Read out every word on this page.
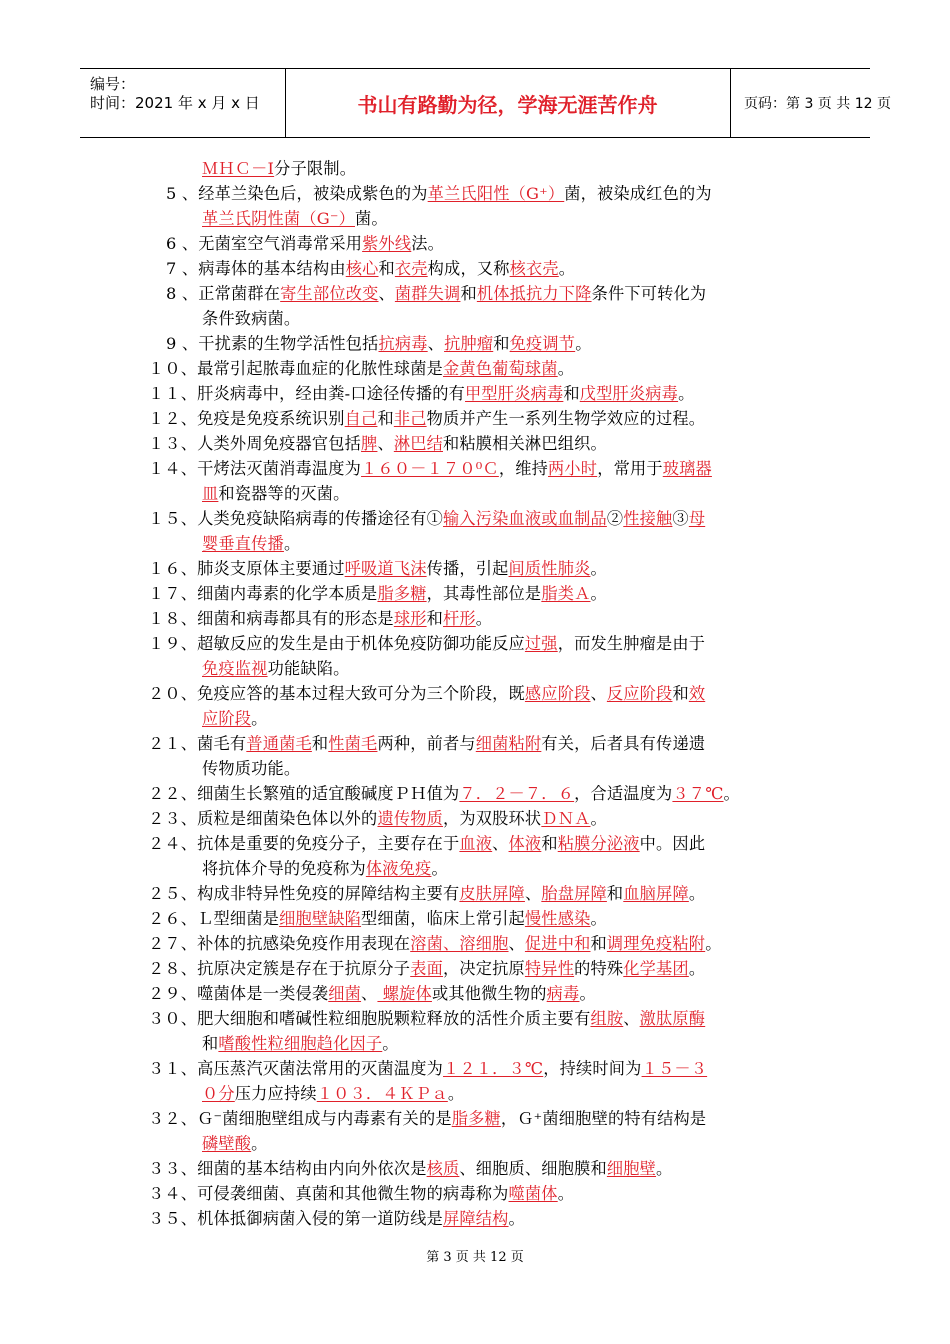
编号：
时间：2021 年 x 月 x 日	书山有路勤为径，学海无涯苦作舟	页码：第 3 页 共 12 页
ＭＨＣ－Ⅰ分子限制。
5 、经革兰染色后，被染成紫色的为革兰氏阳性（G⁺）菌，被染成红色的为
革兰氏阴性菌（G⁻）菌。
6 、无菌室空气消毒常采用紫外线法。
7 、病毒体的基本结构由核心和衣壳构成，又称核衣壳。
8 、正常菌群在寄生部位改变、菌群失调和机体抵抗力下降条件下可转化为
条件致病菌。
9 、干扰素的生物学活性包括抗病毒、抗肿瘤和免疫调节。
１０、最常引起脓毒血症的化脓性球菌是金黄色葡萄球菌。
１１、肝炎病毒中，经由粪-口途径传播的有甲型肝炎病毒和戊型肝炎病毒。
１２、免疫是免疫系统识别自己和非己物质并产生一系列生物学效应的过程。
１３、人类外周免疫器官包括脾、淋巴结和粘膜相关淋巴组织。
１４、干烤法灭菌消毒温度为１６０－１７０⁰Ｃ，维持两小时，常用于玻璃器
皿和瓷器等的灭菌。
１５、人类免疫缺陷病毒的传播途径有①输入污染血液或血制品②性接触③母
婴垂直传播。
１６、肺炎支原体主要通过呼吸道飞沫传播，引起间质性肺炎。
１７、细菌内毒素的化学本质是脂多糖，其毒性部位是脂类Ａ。
１８、细菌和病毒都具有的形态是球形和杆形。
１９、超敏反应的发生是由于机体免疫防御功能反应过强，而发生肿瘤是由于
免疫监视功能缺陷。
２０、免疫应答的基本过程大致可分为三个阶段，既感应阶段、反应阶段和效
应阶段。
２１、菌毛有普通菌毛和性菌毛两种，前者与细菌粘附有关，后者具有传递遗
传物质功能。
２２、细菌生长繁殖的适宜酸碱度ＰＨ值为７．２－７．６，合适温度为３７℃。
２３、质粒是细菌染色体以外的遗传物质，为双股环状ＤＮＡ。
２４、抗体是重要的免疫分子，主要存在于血液、体液和粘膜分泌液中。因此
将抗体介导的免疫称为体液免疫。
２５、构成非特异性免疫的屏障结构主要有皮肤屏障、胎盘屏障和血脑屏障。
２６、Ｌ型细菌是细胞壁缺陷型细菌，临床上常引起慢性感染。
２７、补体的抗感染免疫作用表现在溶菌、溶细胞、促进中和和调理免疫粘附。
２８、抗原决定簇是存在于抗原分子表面，决定抗原特异性的特殊化学基团。
２９、噬菌体是一类侵袭细菌、 螺旋体或其他微生物的病毒。
３０、肥大细胞和嗜碱性粒细胞脱颗粒释放的活性介质主要有组胺、激肽原酶
和嗜酸性粒细胞趋化因子。
３１、高压蒸汽灭菌法常用的灭菌温度为１２１．３℃，持续时间为１５－３
０分压力应持续１０３．４ＫＰａ。
３２、Ｇ⁻菌细胞壁组成与内毒素有关的是脂多糖，Ｇ⁺菌细胞壁的特有结构是
磷壁酸。
３３、细菌的基本结构由内向外依次是核质、细胞质、细胞膜和细胞壁。
３４、可侵袭细菌、真菌和其他微生物的病毒称为噬菌体。
３５、机体抵御病菌入侵的第一道防线是屏障结构。
第 3 页 共 12 页
